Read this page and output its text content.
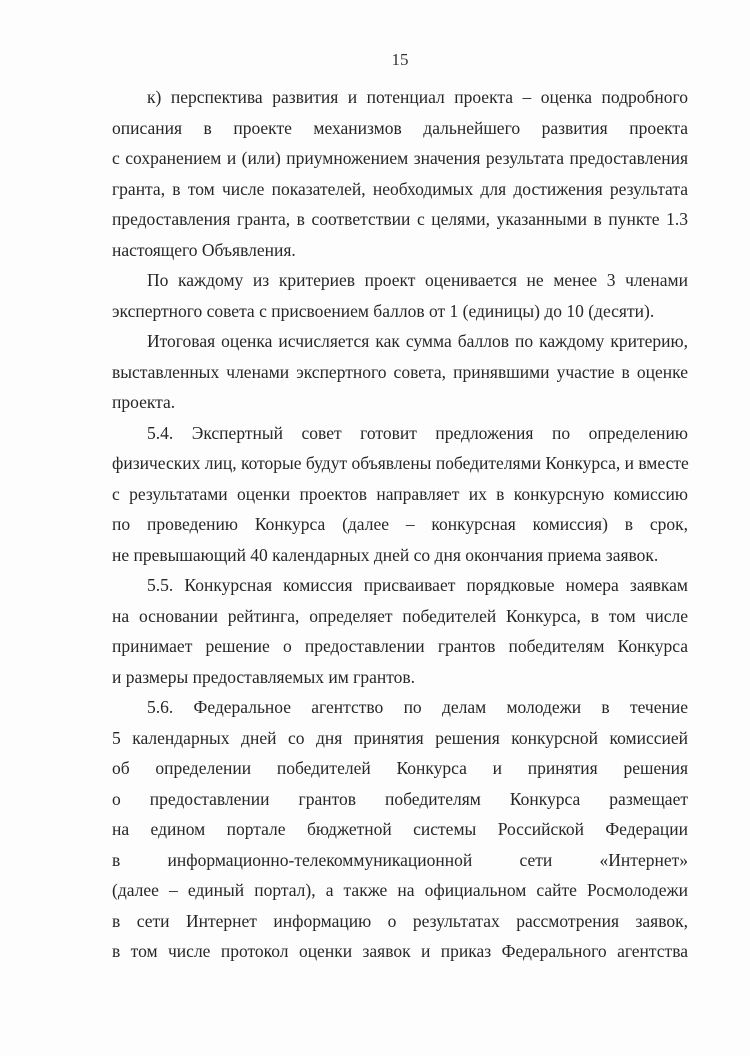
15
к) перспектива развития и потенциал проекта – оценка подробного
описания в проекте механизмов дальнейшего развития проекта
с сохранением и (или) приумножением значения результата предоставления
гранта, в том числе показателей, необходимых для достижения результата
предоставления гранта, в соответствии с целями, указанными в пункте 1.3
настоящего Объявления.
По каждому из критериев проект оценивается не менее 3 членами
экспертного совета с присвоением баллов от 1 (единицы) до 10 (десяти).
Итоговая оценка исчисляется как сумма баллов по каждому критерию,
выставленных членами экспертного совета, принявшими участие в оценке
проекта.
5.4. Экспертный совет готовит предложения по определению
физических лиц, которые будут объявлены победителями Конкурса, и вместе
с результатами оценки проектов направляет их в конкурсную комиссию
по проведению Конкурса (далее – конкурсная комиссия) в срок,
не превышающий 40 календарных дней со дня окончания приема заявок.
5.5. Конкурсная комиссия присваивает порядковые номера заявкам
на основании рейтинга, определяет победителей Конкурса, в том числе
принимает решение о предоставлении грантов победителям Конкурса
и размеры предоставляемых им грантов.
5.6. Федеральное агентство по делам молодежи в течение
5 календарных дней со дня принятия решения конкурсной комиссией
об определении победителей Конкурса и принятия решения
о предоставлении грантов победителям Конкурса размещает
на едином портале бюджетной системы Российской Федерации
в информационно-телекоммуникационной сети «Интернет»
(далее – единый портал), а также на официальном сайте Росмолодежи
в сети Интернет информацию о результатах рассмотрения заявок,
в том числе протокол оценки заявок и приказ Федерального агентства
